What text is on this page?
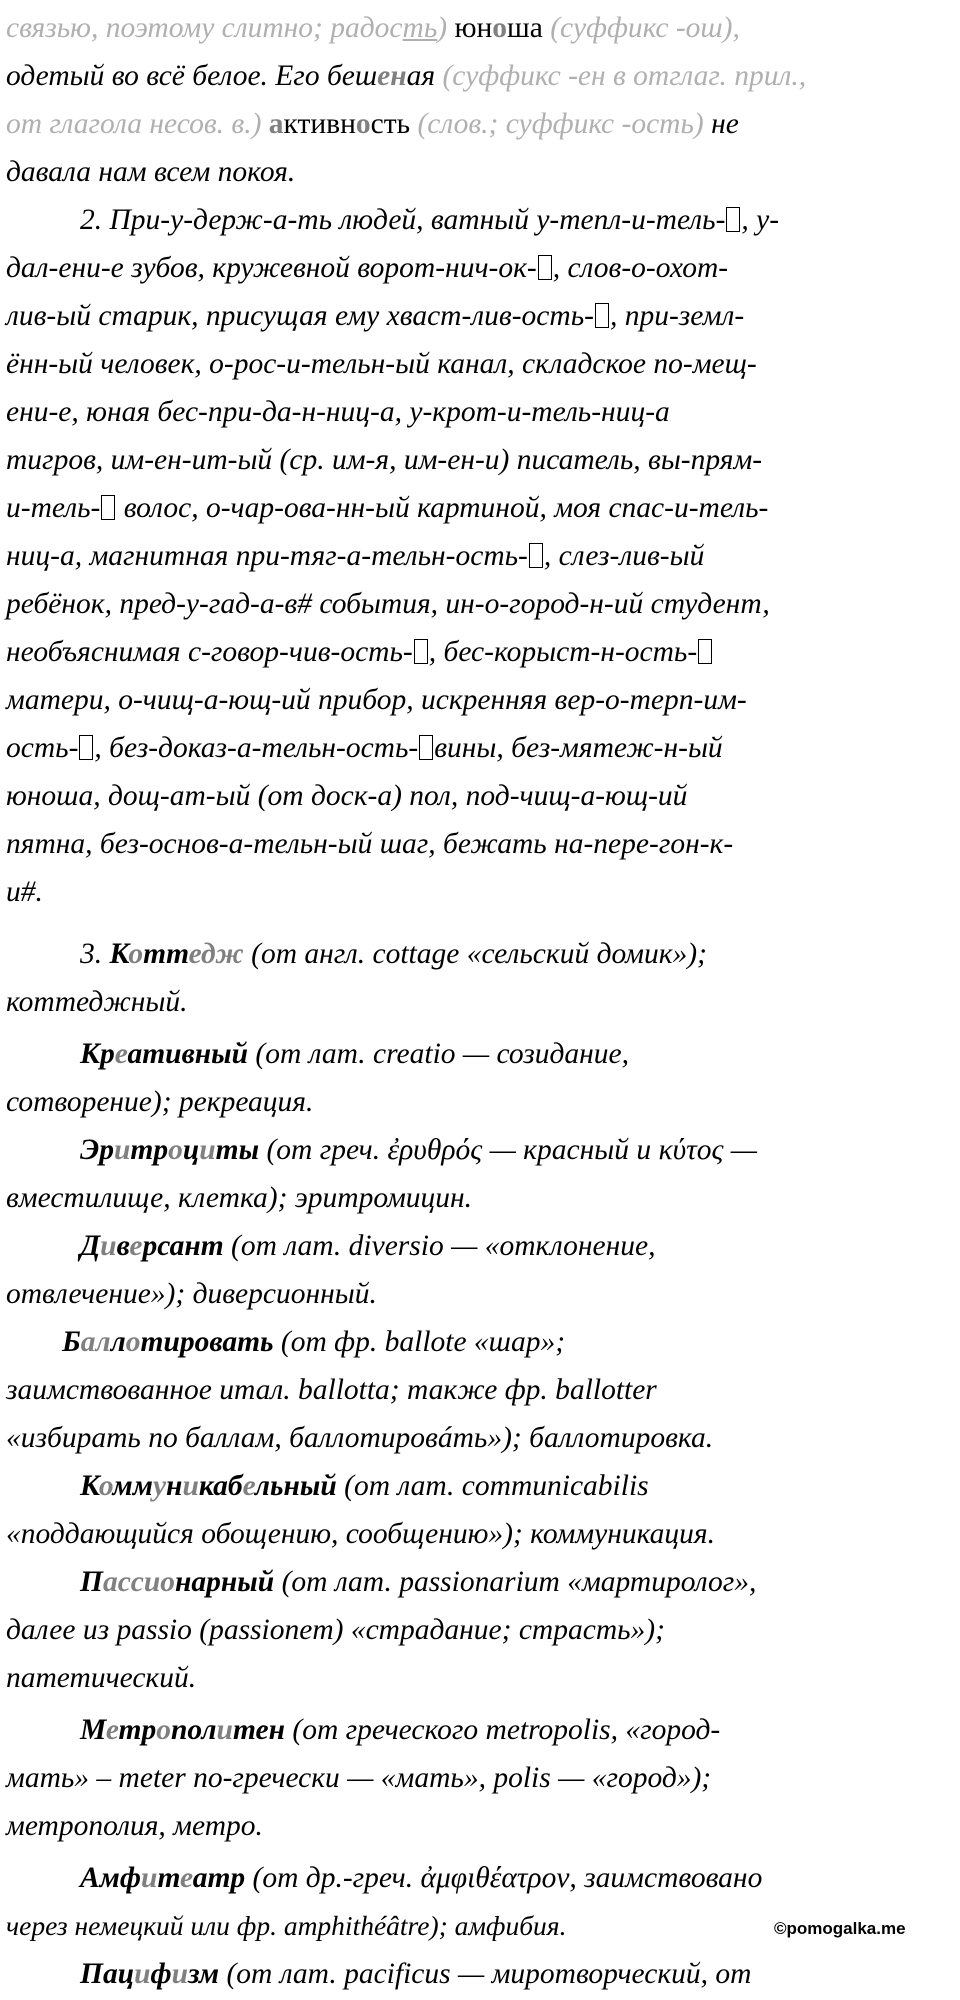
связью, поэтому слитно; радость) юноша (суффикс -ош),
одетый во всё белое. Его бешеная (суффикс -ен в отглаг. прил.,
от глагола несов. в.) активность (слов.; суффикс -ость) не
давала нам всем покоя.
2. При-у-держ-а-ть людей, ватный у-тепл-и-тель- , у-
дал-ени-е зубов, кружевной ворот-нич-ок- , слов-о-охот-
лив-ый старик, присущая ему хваст-лив-ость- , при-земл-
ённ-ый человек, о-рос-и-тельн-ый канал, складское по-мещ-
ени-е, юная бес-при-да-н-ниц-а, у-крот-и-тель-ниц-а
тигров, им-ен-ит-ый (ср. им-я, им-ен-и) писатель, вы-прям-
и-тель- волос, о-чар-ова-нн-ый картиной, моя спас-и-тель-
ниц-а, магнитная при-тяг-а-тельн-ость- , слез-лив-ый
ребёнок, пред-у-гад-а-в# события, ин-о-город-н-ий студент,
необъяснимая с-говор-чив-ость- , бес-корыст-н-ость-
матери, о-чищ-а-ющ-ий прибор, искренняя вер-о-терп-им-
ость- , без-доказ-а-тельн-ость- вины, без-мятеж-н-ый
юноша, дощ-ат-ый (от доск-а) пол, под-чищ-а-ющ-ий
пятна, без-основ-а-тельн-ый шаг, бежать на-пере-гон-к-
и#.
3. Коттедж (от англ. cottage «сельский домик»);
коттеджный.
Креативный (от лат. creatio — созидание,
сотворение); рекреация.
Эритроциты (от греч. ἐρυθρός — красный и κύτος —
вместилище, клетка); эритромицин.
Диверсант (от лат. diversio — «отклонение,
отвлечение»); диверсионный.
Баллотировать (от фр. ballote «шар»;
заимствованное итал. ballotta; также фр. ballotter
«избирать по баллам, баллотировáть»); баллотировка.
Коммуникабельный (от лат. communicabilis
«поддающийся обощению, сообщению»); коммуникация.
Пассионарный (от лат. passionarium «мартиролог»,
далее из passio (passionem) «страдание; страсть»);
патетический.
Метрополитен (от греческого metropolis, «город-
мать» – meter по-гречески — «мать», polis — «город»);
метрополия, метро.
Амфитеатр (от др.-греч. ἀμφιθέατρον, заимствовано
через немецкий или фр. amphithéâtre); амфибия.
Пацифизм (от лат. pacificus — миротворческий, от
©pomogalka.me
